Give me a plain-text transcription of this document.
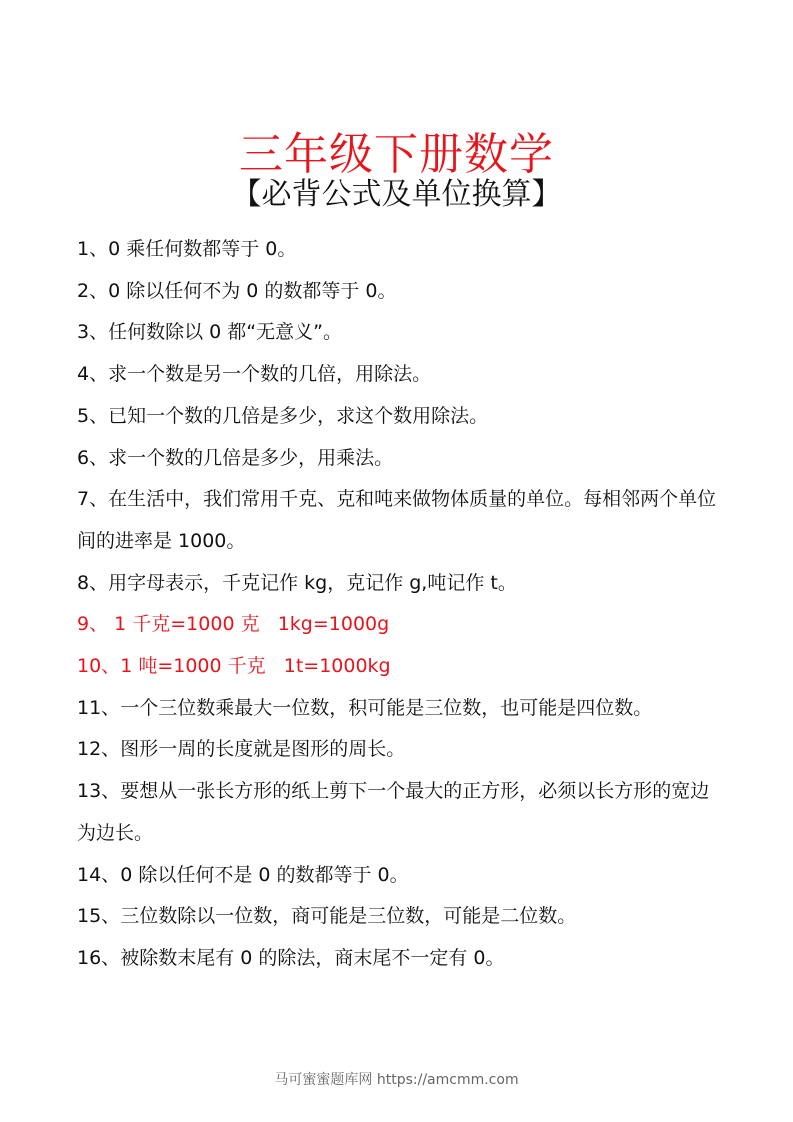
三年级下册数学
【必背公式及单位换算】
1、0 乘任何数都等于 0。
2、0 除以任何不为 0 的数都等于 0。
3、任何数除以 0 都“无意义”。
4、求一个数是另一个数的几倍，用除法。
5、已知一个数的几倍是多少，求这个数用除法。
6、求一个数的几倍是多少，用乘法。
7、在生活中，我们常用千克、克和吨来做物体质量的单位。每相邻两个单位间的进率是 1000。
8、用字母表示，千克记作 kg，克记作 g,吨记作 t。
9、 1 千克=1000 克   1kg=1000g
10、1 吨=1000 千克   1t=1000kg
11、一个三位数乘最大一位数，积可能是三位数，也可能是四位数。
12、图形一周的长度就是图形的周长。
13、要想从一张长方形的纸上剪下一个最大的正方形，必须以长方形的宽边为边长。
14、0 除以任何不是 0 的数都等于 0。
15、三位数除以一位数，商可能是三位数，可能是二位数。
16、被除数末尾有 0 的除法，商末尾不一定有 0。
马可蜜蜜题库网 https://amcmm.com
